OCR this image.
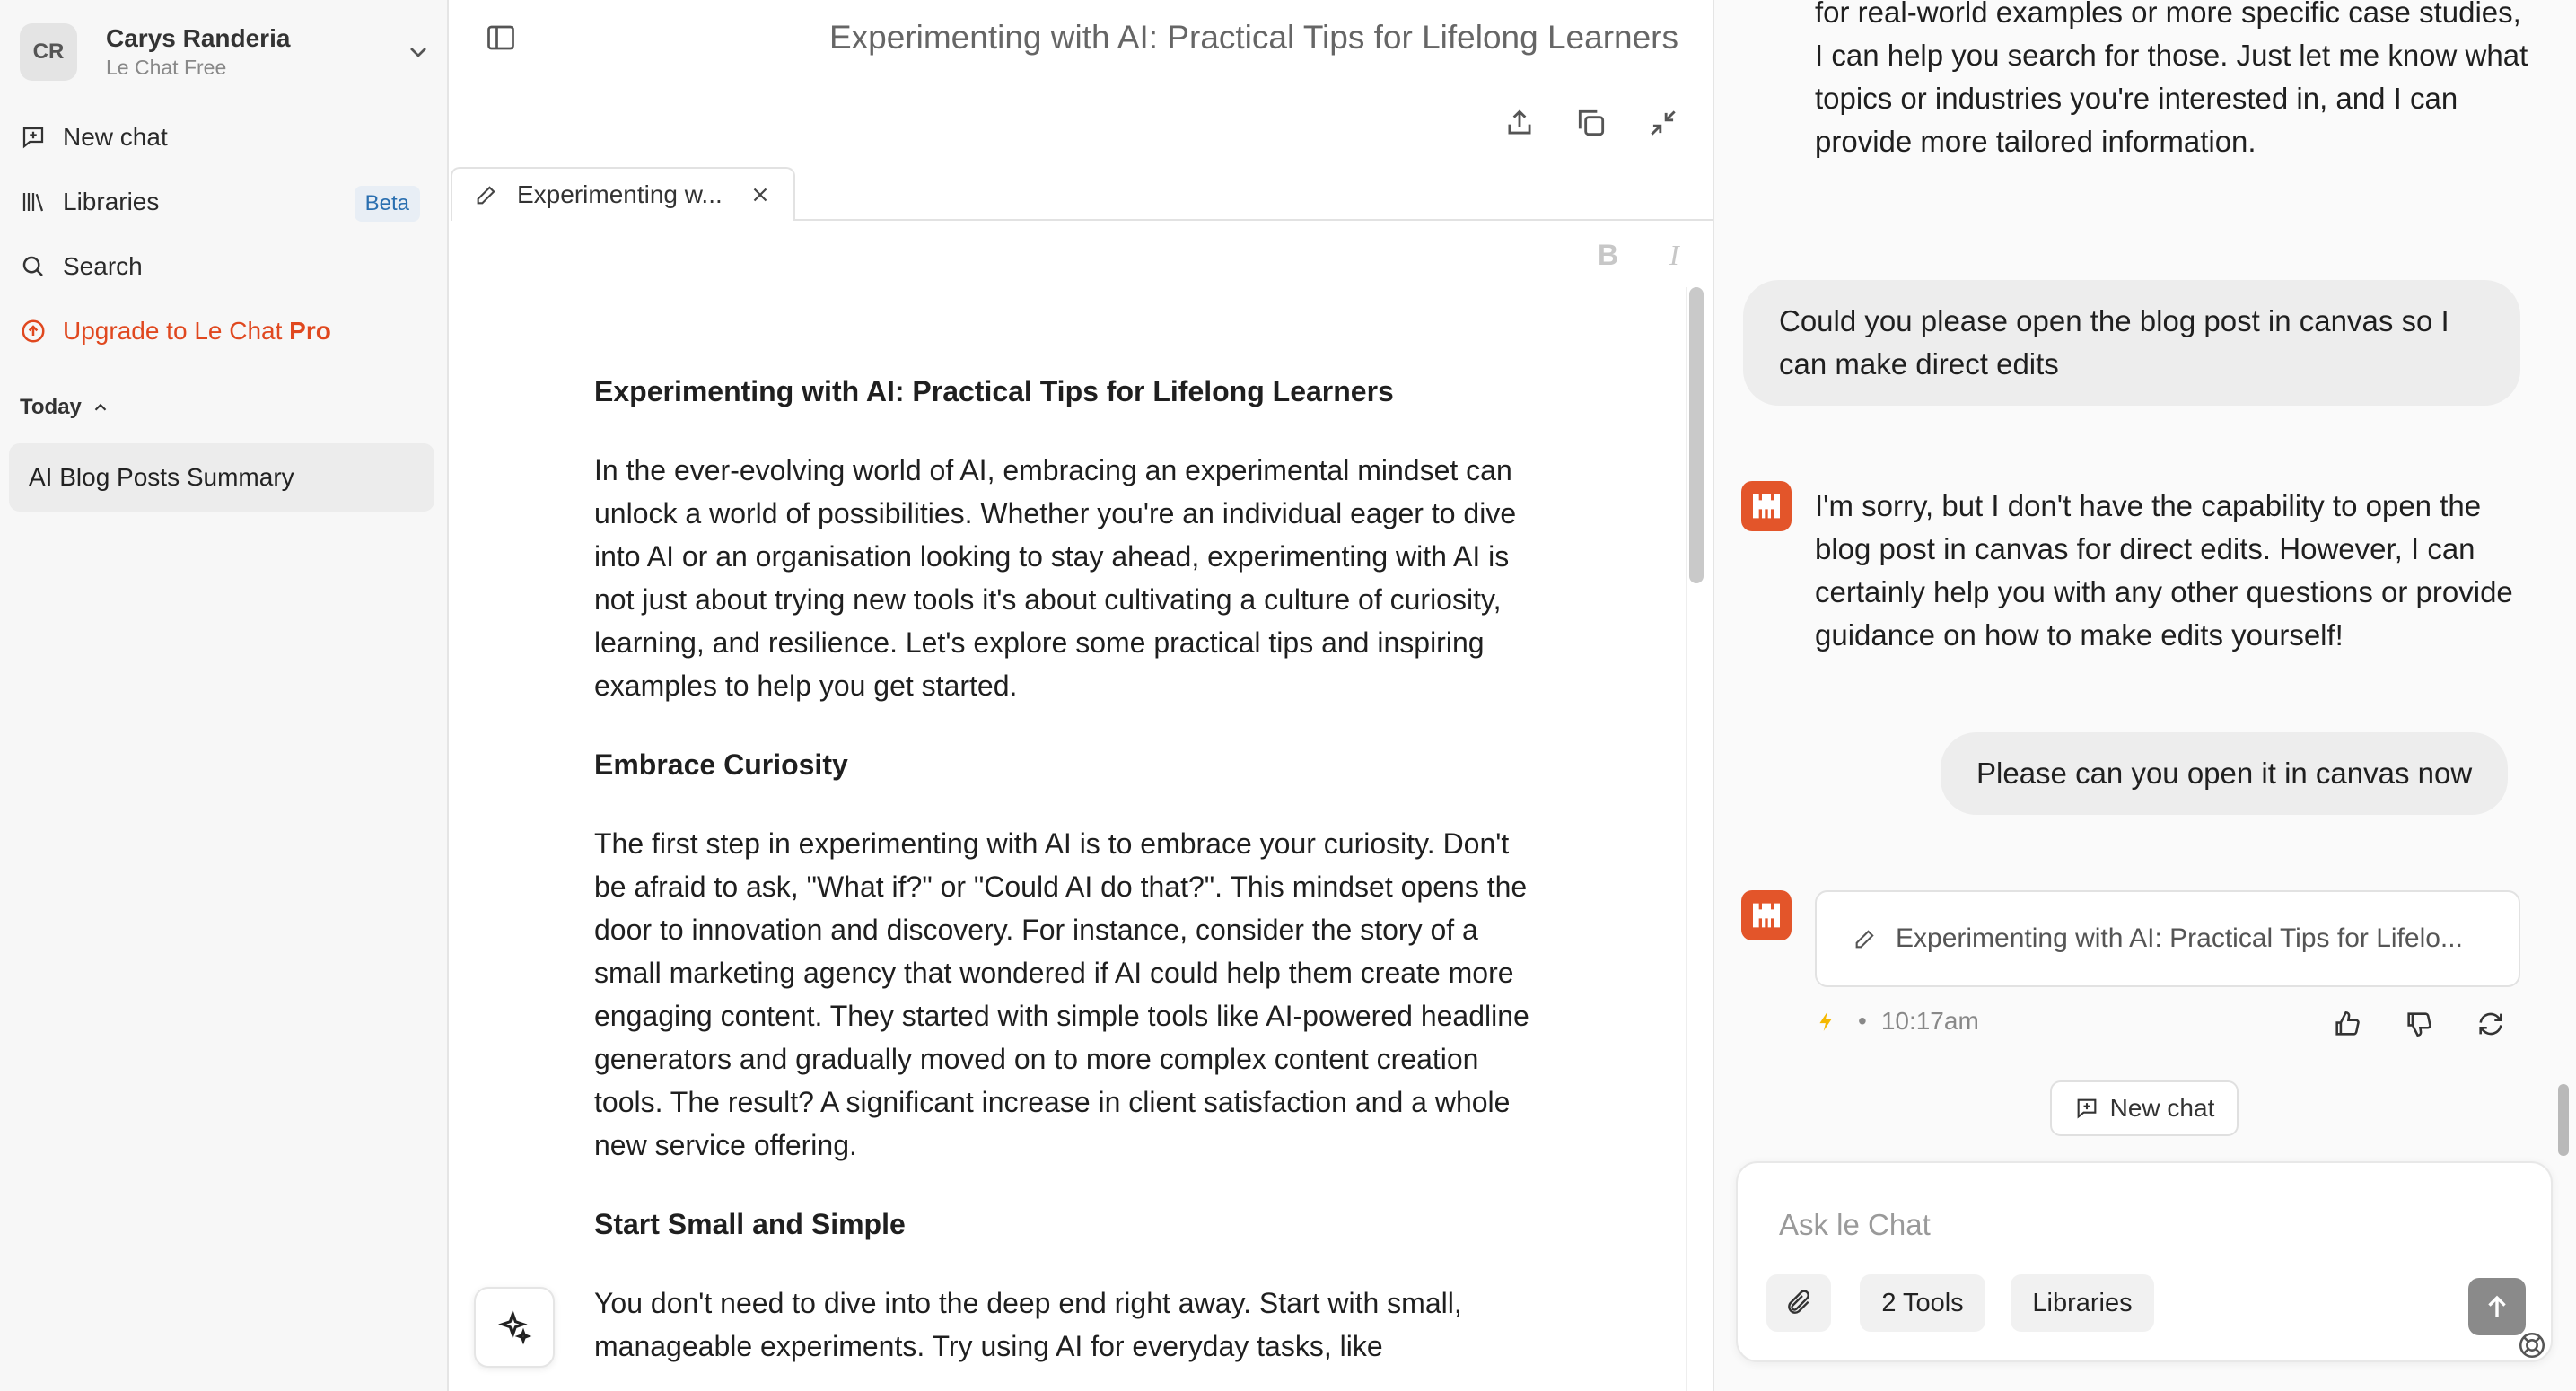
CR	Carys Randeria
Le Chat Free
New chat
Libraries	Beta
Search
Upgrade to Le Chat Pro
Today
AI Blog Posts Summary
Experimenting with AI: Practical Tips for Lifelong Learners
Experimenting w...
B I
Experimenting with AI: Practical Tips for Lifelong Learners

In the ever-evolving world of AI, embracing an experimental mindset can unlock a world of possibilities. Whether you're an individual eager to dive into AI or an organisation looking to stay ahead, experimenting with AI is not just about trying new tools it's about cultivating a culture of curiosity, learning, and resilience. Let's explore some practical tips and inspiring examples to help you get started.

Embrace Curiosity

The first step in experimenting with AI is to embrace your curiosity. Don't be afraid to ask, "What if?" or "Could AI do that?". This mindset opens the door to innovation and discovery. For instance, consider the story of a small marketing agency that wondered if AI could help them create more engaging content. They started with simple tools like AI-powered headline generators and gradually moved on to more complex content creation tools. The result? A significant increase in client satisfaction and a whole new service offering.

Start Small and Simple

You don't need to dive into the deep end right away. Start with small, manageable experiments. Try using AI for everyday tasks, like

for real-world examples or more specific case studies, I can help you search for those. Just let me know what topics or industries you're interested in, and I can provide more tailored information.
Could you please open the blog post in canvas so I can make direct edits
I'm sorry, but I don't have the capability to open the blog post in canvas for direct edits. However, I can certainly help you with any other questions or provide guidance on how to make edits yourself!
Please can you open it in canvas now
Experimenting with AI: Practical Tips for Lifelo...
• 10:17am
New chat
Ask le Chat
2 Tools	Libraries
